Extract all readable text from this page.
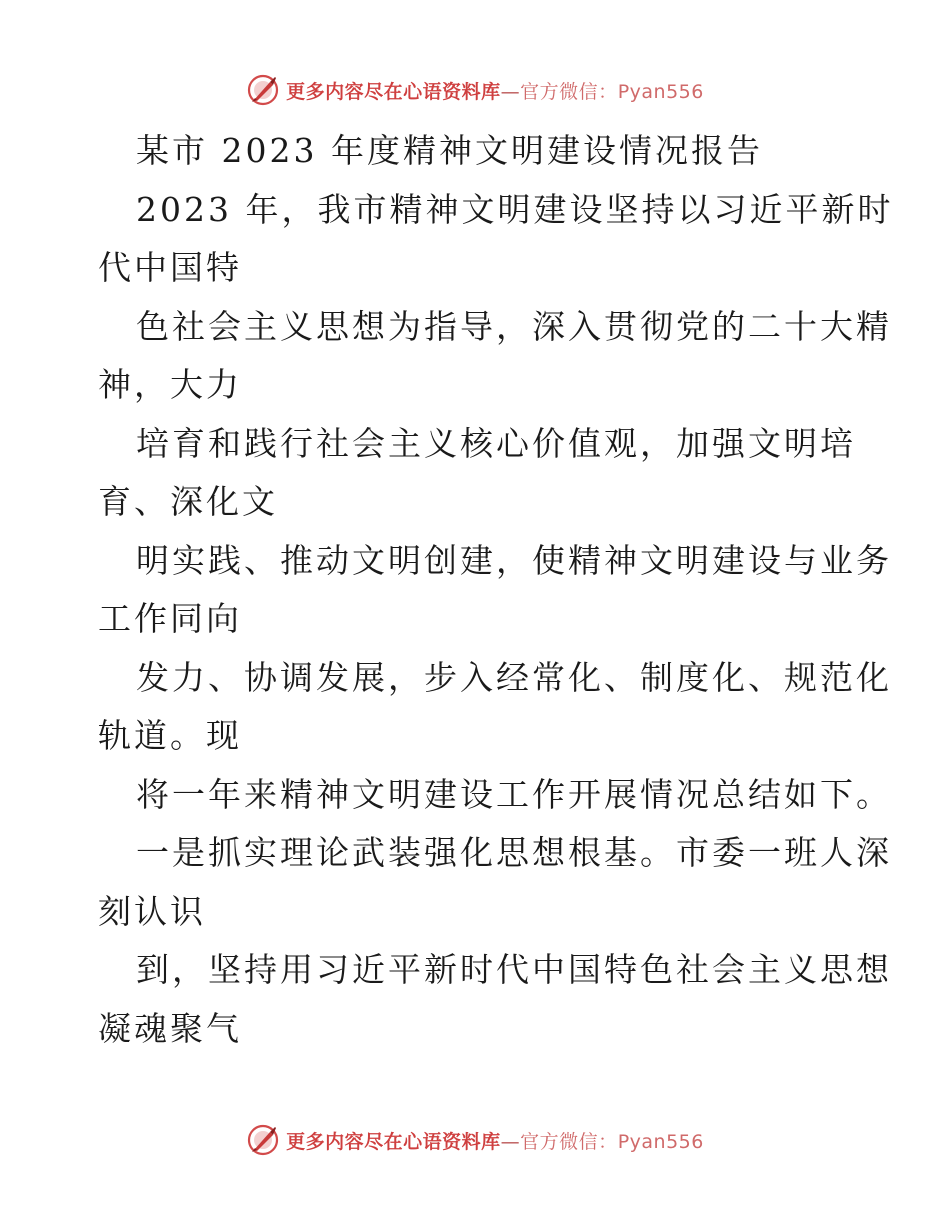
更多内容尽在心语资料库—官方微信：Pyan556
某市 2023 年度精神文明建设情况报告
2023 年，我市精神文明建设坚持以习近平新时
代中国特
色社会主义思想为指导，深入贯彻党的二十大精
神，大力
培育和践行社会主义核心价值观，加强文明培
育、深化文
明实践、推动文明创建，使精神文明建设与业务
工作同向
发力、协调发展，步入经常化、制度化、规范化
轨道。现
将一年来精神文明建设工作开展情况总结如下。
一是抓实理论武装强化思想根基。市委一班人深
刻认识
到，坚持用习近平新时代中国特色社会主义思想
凝魂聚气
更多内容尽在心语资料库—官方微信：Pyan556
